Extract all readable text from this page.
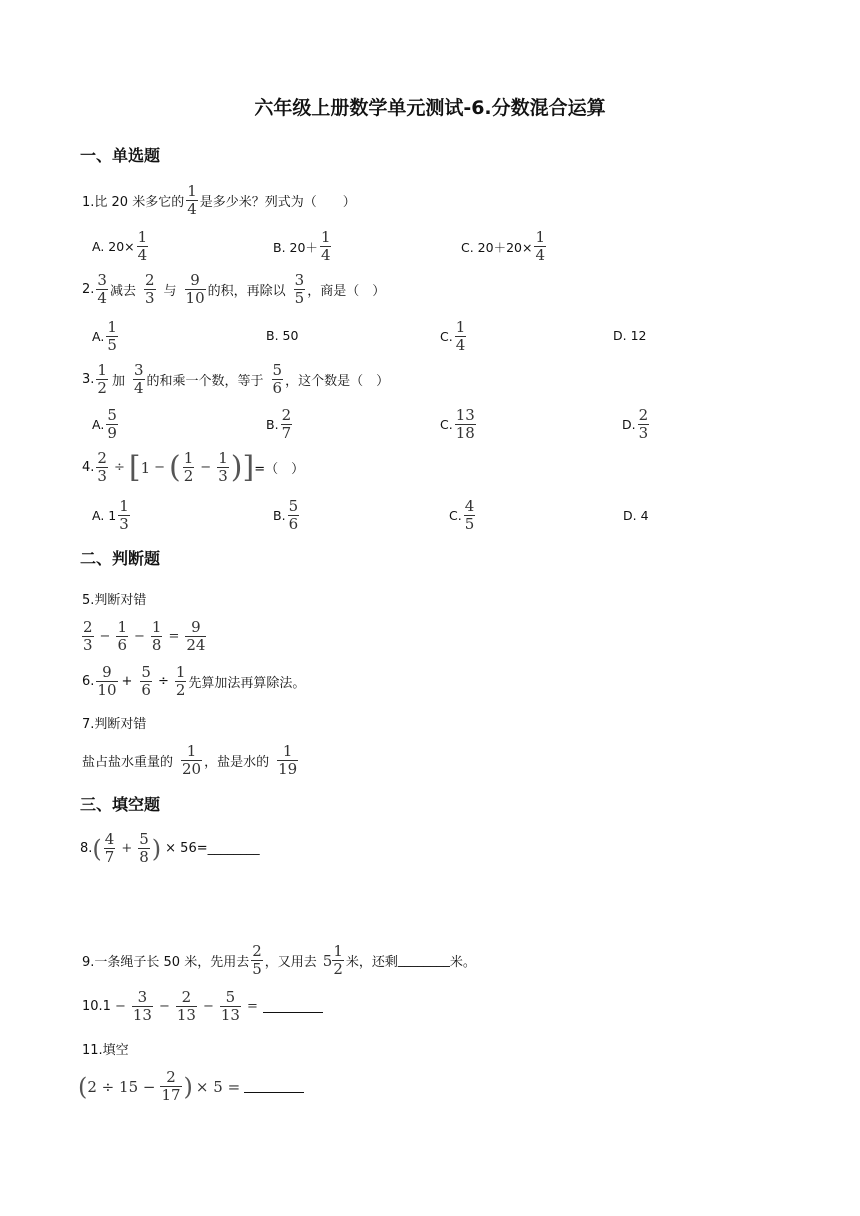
六年级上册数学单元测试-6.分数混合运算
一、单选题
1.比 20 米多它的 $\frac{1}{4}$ 是多少米？列式为（　　）
A. $20\times \frac{1}{4}$	B. $20+ \frac{1}{4}$	C. $20+20\times \frac{1}{4}$
2. $\frac{3}{4}$ 减去 $\frac{2}{3}$ 与 $\frac{9}{10}$ 的积，再除以 $\frac{3}{5}$ ，商是（　）
A. $\frac{1}{5}$	B. 50	C. $\frac{1}{4}$	D. 12
3. $\frac{1}{2}$ 加 $\frac{3}{4}$ 的和乘一个数，等于 $\frac{5}{6}$ ，这个数是（　）
A. $\frac{5}{9}$	B. $\frac{2}{7}$	C. $\frac{13}{18}$	D. $\frac{2}{3}$
4. $\frac{2}{3}$ ÷ [ 1 − ( $\frac{1}{2} - \frac{1}{3}$ ) ] =（　）
A. $1 \frac{1}{3}$	B. $\frac{5}{6}$	C. $\frac{4}{5}$	D. 4
二、判断题
5.判断对错
$\frac{2}{3} - \frac{1}{6} - \frac{1}{8} = \frac{9}{24}$
6. $\frac{9}{10} + \frac{5}{6} \div \frac{1}{2}$ 先算加法再算除法。
7.判断对错
盐占盐水重量的 $\frac{1}{20}$ ，盐是水的 $\frac{1}{19}$
三、填空题
8. ( $\frac{4}{7} + \frac{5}{8}$ ) × 56= ________
9.一条绳子长 50 米，先用去 $\frac{2}{5}$ ，又用去 $5 \frac{1}{2}$ 米，还剩 ________ 米。
$10.1 - \frac{3}{13} - \frac{2}{13} - \frac{5}{13}$ =
11.填空
( $2 \div 15 - \frac{2}{17}$ ) × 5 =
